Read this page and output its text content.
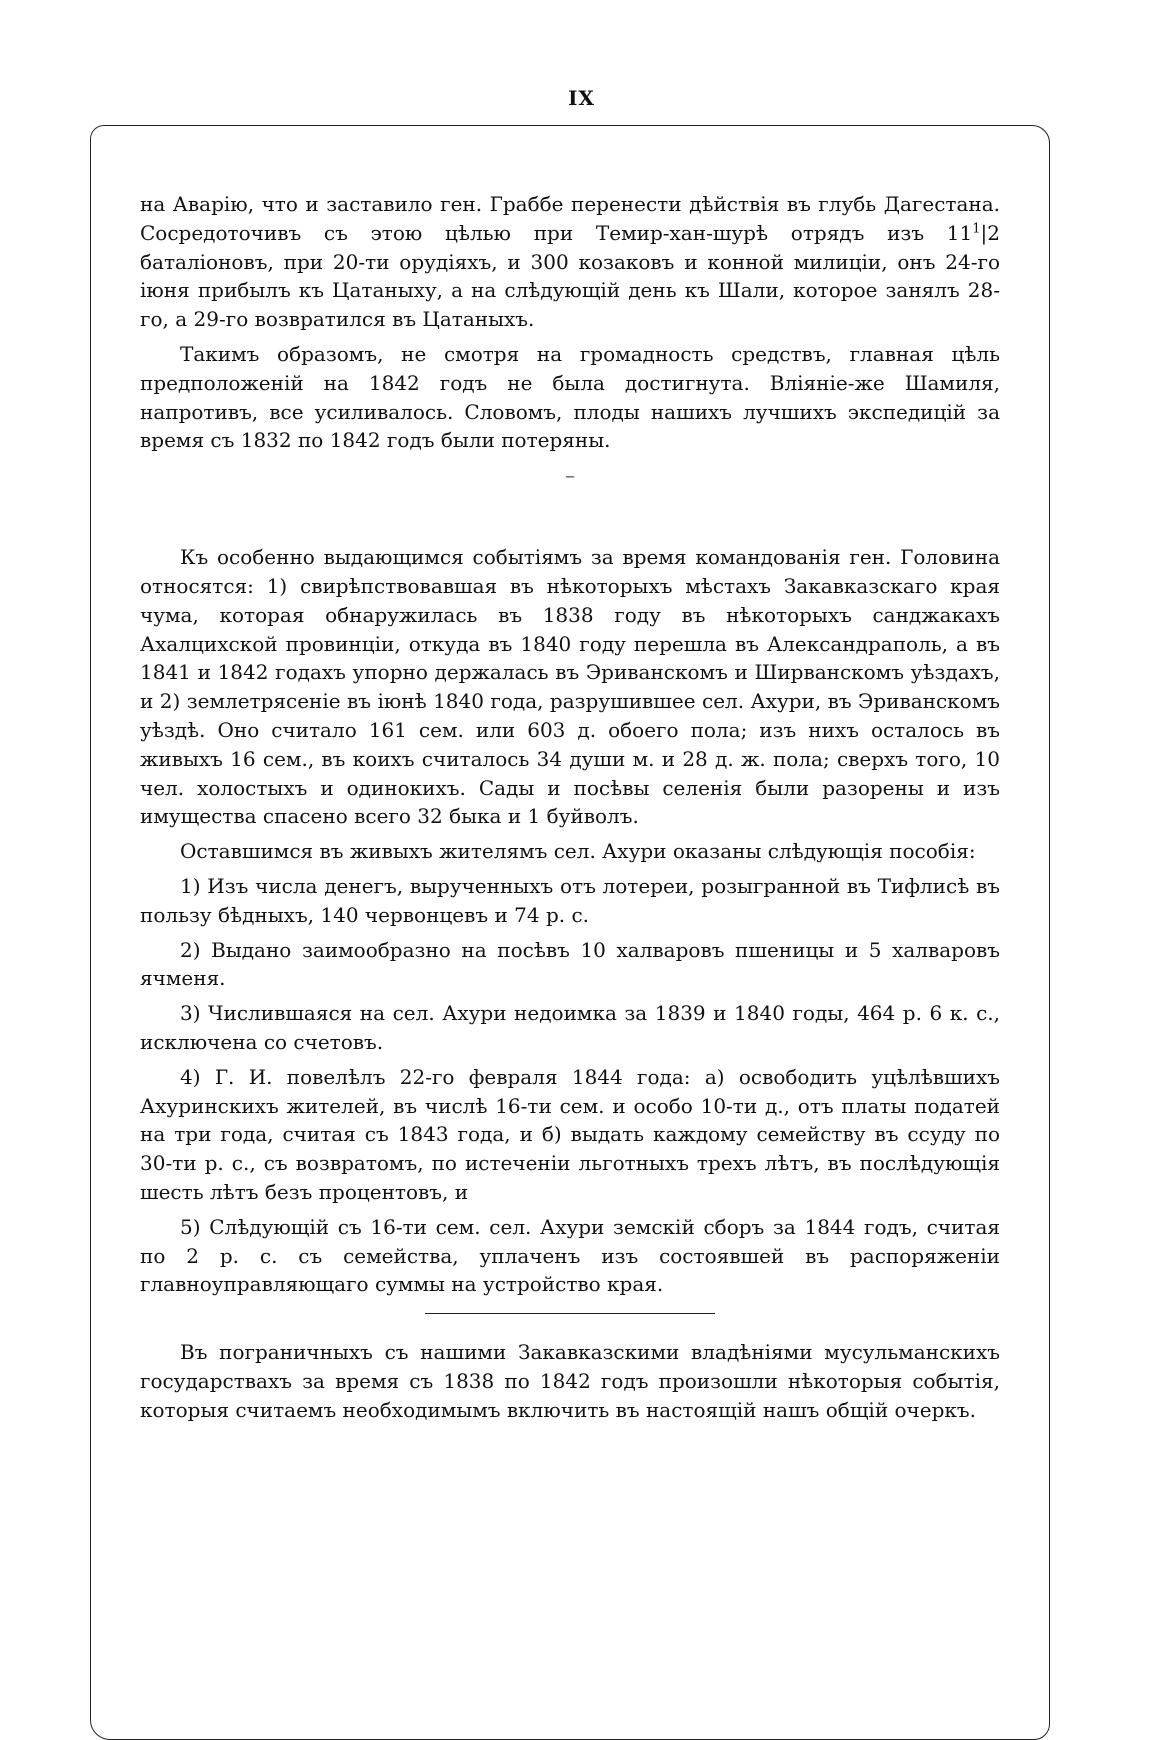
IX

на Аварію, что и заставило ген. Граббе перенести дѣйствія въ глубь Дагестана. Сосредоточивъ съ этою цѣлью при Темир-хан-шурѣ отрядъ изъ $11^1|2$ баталіоновъ, при 20-ти орудіяхъ, и 300 козаковъ и конной милиціи, онъ 24-го іюня прибылъ къ Цатаныху, а на слѣдующій день къ Шали, которое занялъ 28-го, а 29-го возвратился въ Цатаныхъ.

Такимъ образомъ, не смотря на громадность средствъ, главная цѣль предположеній на 1842 годъ не была достигнута. Вліяніе-же Шамиля, напротивъ, все усиливалось. Словомъ, плоды нашихъ лучшихъ экспедицій за время съ 1832 по 1842 годъ были потеряны.

–

Къ особенно выдающимся событіямъ за время командованія ген. Головина относятся: 1) свирѣпствовавшая въ нѣкоторыхъ мѣстахъ Закавказскаго края чума, которая обнаружилась въ 1838 году въ нѣкоторыхъ санджакахъ Ахалцихской провинціи, откуда въ 1840 году перешла въ Александраполь, а въ 1841 и 1842 годахъ упорно держалась въ Эриванскомъ и Ширванскомъ уѣздахъ, и 2) землетрясеніе въ іюнѣ 1840 года, разрушившее сел. Ахури, въ Эриванскомъ уѣздѣ. Оно считало 161 сем. или 603 д. обоего пола; изъ нихъ осталось въ живыхъ 16 сем., въ коихъ считалось 34 души м. и 28 д. ж. пола; сверхъ того, 10 чел. холостыхъ и одинокихъ. Сады и посѣвы селенія были разорены и изъ имущества спасено всего 32 быка и 1 буйволъ.

Оставшимся въ живыхъ жителямъ сел. Ахури оказаны слѣдующія пособія:

1) Изъ числа денегъ, вырученныхъ отъ лотереи, розыгранной въ Тифлисѣ въ пользу бѣдныхъ, 140 червонцевъ и 74 р. с.

2) Выдано заимообразно на посѣвъ 10 халваровъ пшеницы и 5 халваровъ ячменя.

3) Числившаяся на сел. Ахури недоимка за 1839 и 1840 годы, 464 р. 6 к. с., исключена со счетовъ.

4) Г. И. повелѣлъ 22-го февраля 1844 года: а) освободить уцѣлѣвшихъ Ахуринскихъ жителей, въ числѣ 16-ти сем. и особо 10-ти д., отъ платы податей на три года, считая съ 1843 года, и б) выдать каждому семейству въ ссуду по 30-ти р. с., съ возвратомъ, по истеченіи льготныхъ трехъ лѣтъ, въ послѣдующія шесть лѣтъ безъ процентовъ, и

5) Слѣдующій съ 16-ти сем. сел. Ахури земскій сборъ за 1844 годъ, считая по 2 р. с. съ семейства, уплаченъ изъ состоявшей въ распоряженіи главноуправляющаго суммы на устройство края.

Въ пограничныхъ съ нашими Закавказскими владѣніями мусульманскихъ государствахъ за время съ 1838 по 1842 годъ произошли нѣкоторыя событія, которыя считаемъ необходимымъ включить въ настоящій нашъ общій очеркъ.
